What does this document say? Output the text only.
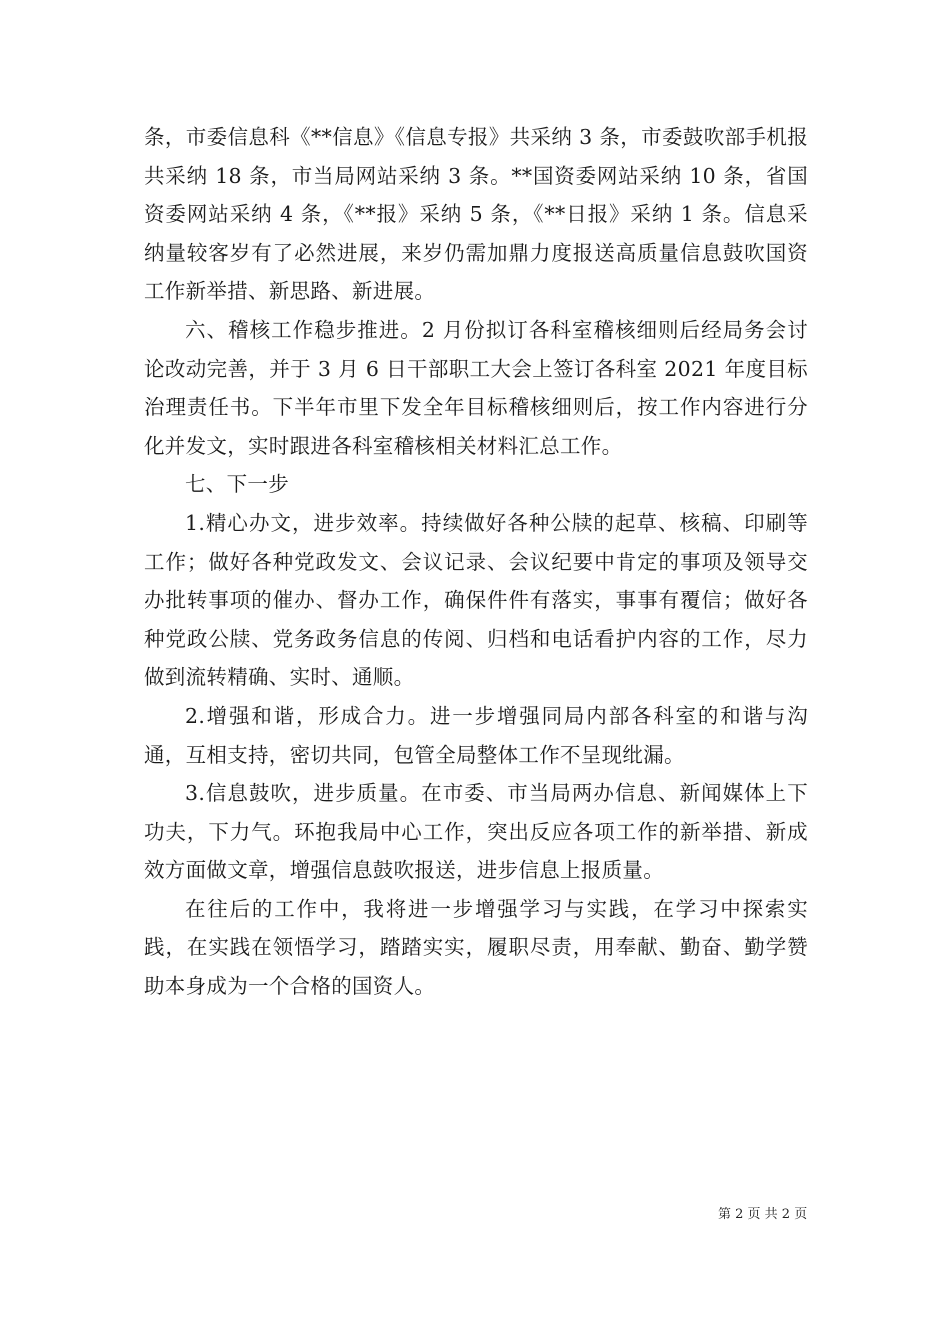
条，市委信息科《**信息》《信息专报》共采纳 3 条，市委鼓吹部手机报共采纳 18 条，市当局网站采纳 3 条。**国资委网站采纳 10 条，省国资委网站采纳 4 条，《**报》采纳 5 条，《**日报》采纳 1 条。信息采纳量较客岁有了必然进展，来岁仍需加鼎力度报送高质量信息鼓吹国资工作新举措、新思路、新进展。

六、稽核工作稳步推进。2 月份拟订各科室稽核细则后经局务会讨论改动完善，并于 3 月 6 日干部职工大会上签订各科室 2021 年度目标治理责任书。下半年市里下发全年目标稽核细则后，按工作内容进行分化并发文，实时跟进各科室稽核相关材料汇总工作。

七、下一步

1.精心办文，进步效率。持续做好各种公牍的起草、核稿、印刷等工作；做好各种党政发文、会议记录、会议纪要中肯定的事项及领导交办批转事项的催办、督办工作，确保件件有落实，事事有覆信；做好各种党政公牍、党务政务信息的传阅、归档和电话看护内容的工作，尽力做到流转精确、实时、通顺。

2.增强和谐，形成合力。进一步增强同局内部各科室的和谐与沟通，互相支持，密切共同，包管全局整体工作不呈现纰漏。

3.信息鼓吹，进步质量。在市委、市当局两办信息、新闻媒体上下功夫，下力气。环抱我局中心工作，突出反应各项工作的新举措、新成效方面做文章，增强信息鼓吹报送，进步信息上报质量。

在往后的工作中，我将进一步增强学习与实践，在学习中探索实践，在实践在领悟学习，踏踏实实，履职尽责，用奉献、勤奋、勤学赞助本身成为一个合格的国资人。

第 2 页 共 2 页
